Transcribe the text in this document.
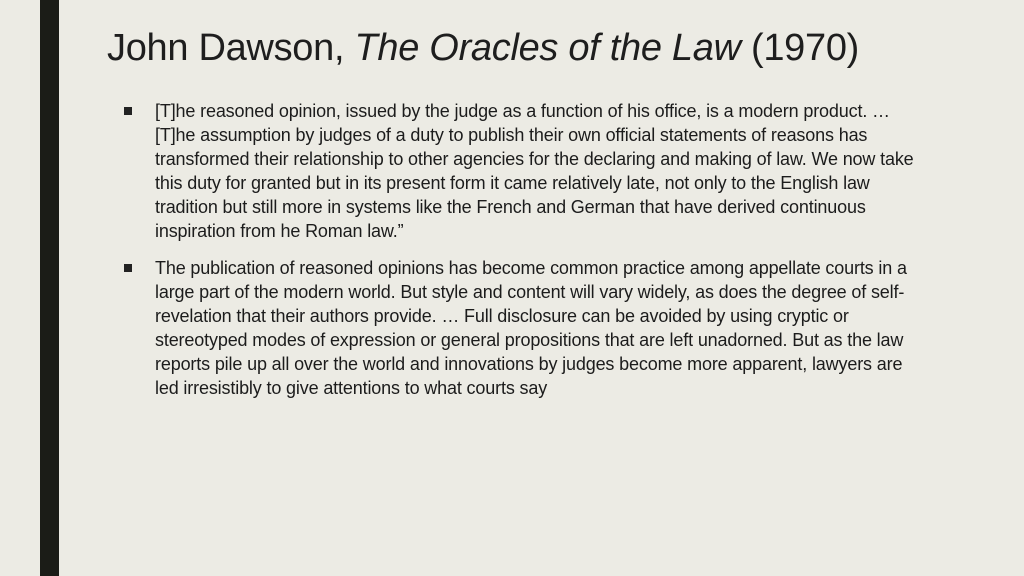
John Dawson, The Oracles of the Law (1970)
[T]he reasoned opinion, issued by the judge as a function of his office, is a modern product. … [T]he assumption by judges of a duty to publish their own official statements of reasons has transformed their relationship to other agencies for the declaring and making of law. We now take this duty for granted but in its present form it came relatively late, not only to the English law tradition but still more in systems like the French and German that have derived continuous inspiration from he Roman law.”
The publication of reasoned opinions has become common practice among appellate courts in a large part of the modern world. But style and content will vary widely, as does the degree of self-revelation that their authors provide. … Full disclosure can be avoided by using cryptic or stereotyped modes of expression or general propositions that are left unadorned. But as the law reports pile up all over the world and innovations by judges become more apparent, lawyers are led irresistibly to give attentions to what courts say
